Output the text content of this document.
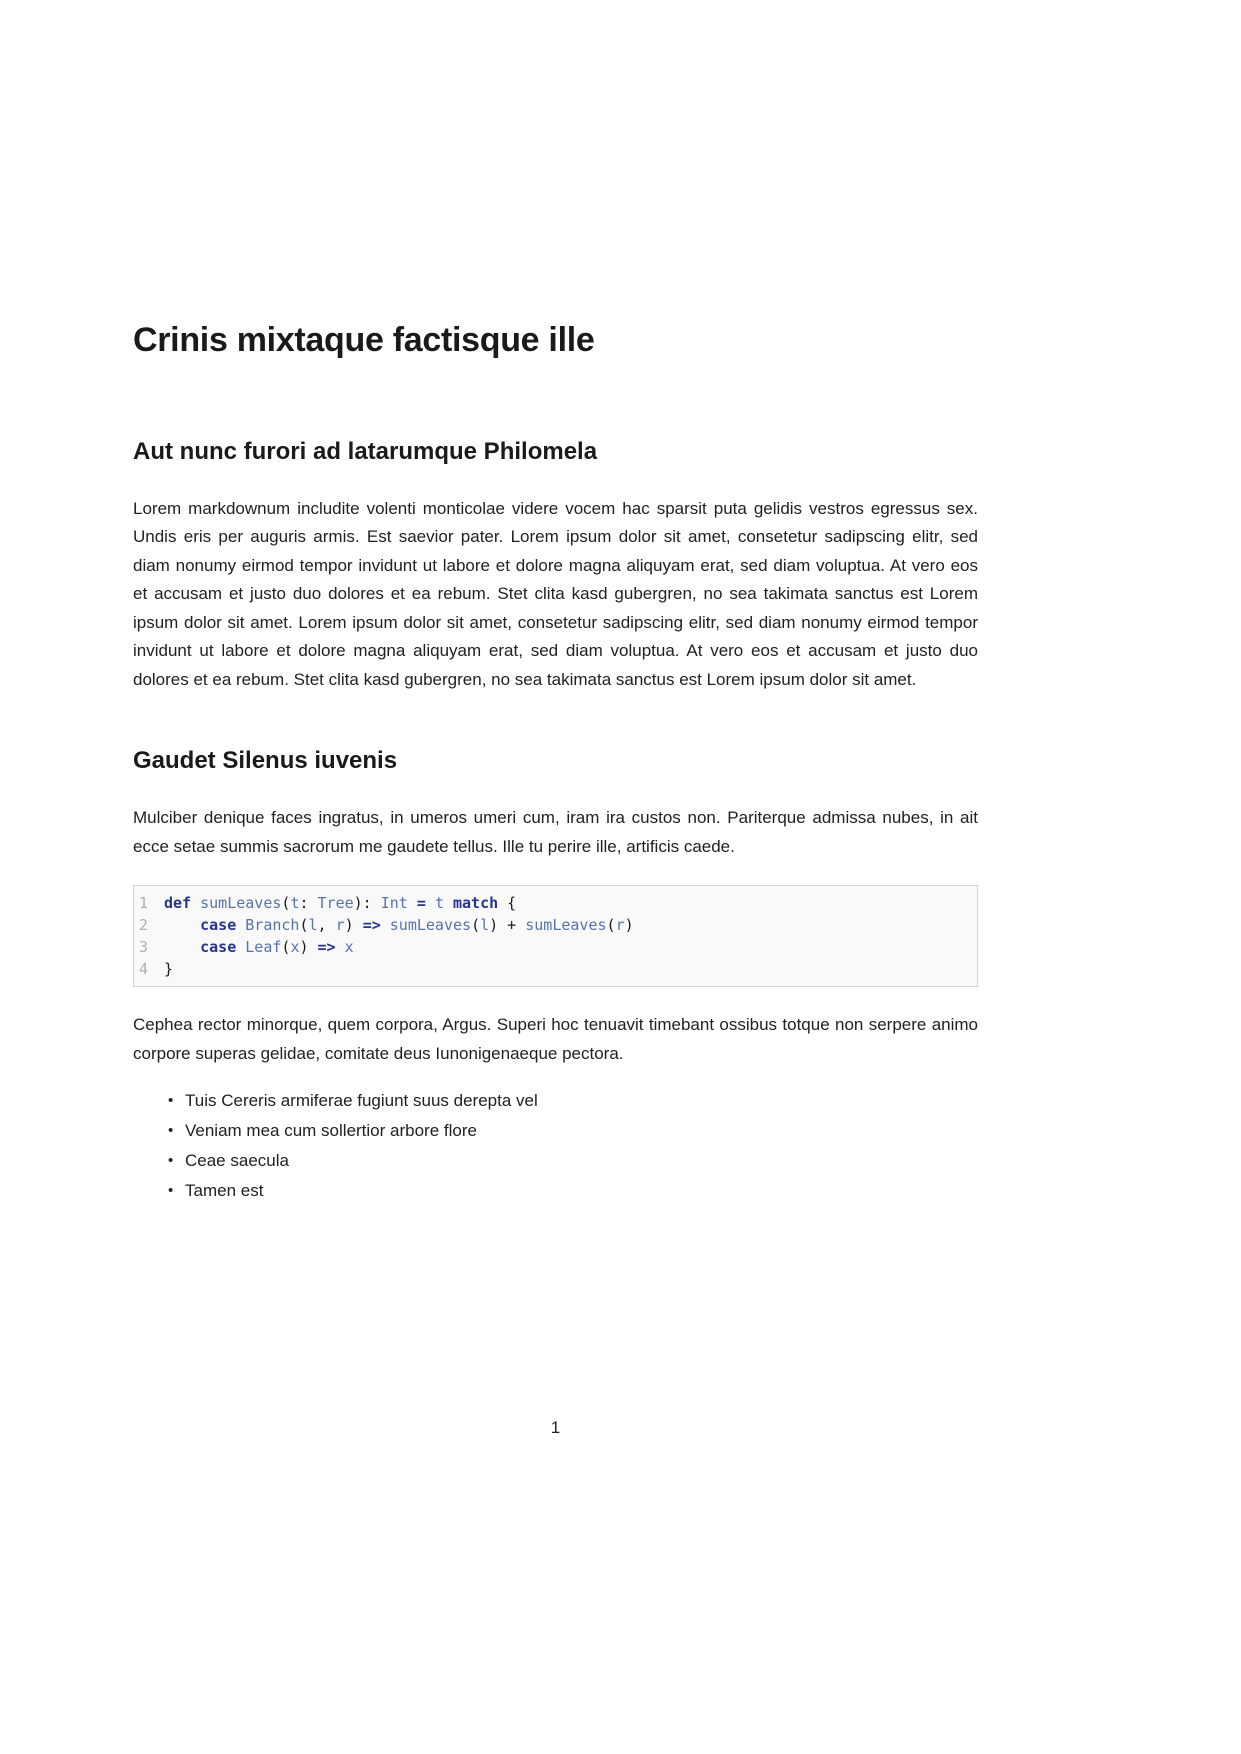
Crinis mixtaque factisque ille
Aut nunc furori ad latarumque Philomela

Lorem markdownum includite volenti monticolae videre vocem hac sparsit puta gelidis vestros egressus sex. Undis eris per auguris armis. Est saevior pater. Lorem ipsum dolor sit amet, consetetur sadipscing elitr, sed diam nonumy eirmod tempor invidunt ut labore et dolore magna aliquyam erat, sed diam voluptua. At vero eos et accusam et justo duo dolores et ea rebum. Stet clita kasd gubergren, no sea takimata sanctus est Lorem ipsum dolor sit amet. Lorem ipsum dolor sit amet, consetetur sadipscing elitr, sed diam nonumy eirmod tempor invidunt ut labore et dolore magna aliquyam erat, sed diam voluptua. At vero eos et accusam et justo duo dolores et ea rebum. Stet clita kasd gubergren, no sea takimata sanctus est Lorem ipsum dolor sit amet.

Gaudet Silenus iuvenis

Mulciber denique faces ingratus, in umeros umeri cum, iram ira custos non. Pariterque admissa nubes, in ait ecce setae summis sacrorum me gaudete tellus. Ille tu perire ille, artificis caede.

1	def sumLeaves(t: Tree): Int = t match {
2	case Branch(l, r) => sumLeaves(l) + sumLeaves(r)
3	case Leaf(x) => x
4	}

Cephea rector minorque, quem corpora, Argus. Superi hoc tenuavit timebant ossibus totque non serpere animo corpore superas gelidae, comitate deus Iunonigenaeque pectora.

• Tuis Cereris armiferae fugiunt suus derepta vel
• Veniam mea cum sollertior arbore flore
• Ceae saecula
• Tamen est
1
